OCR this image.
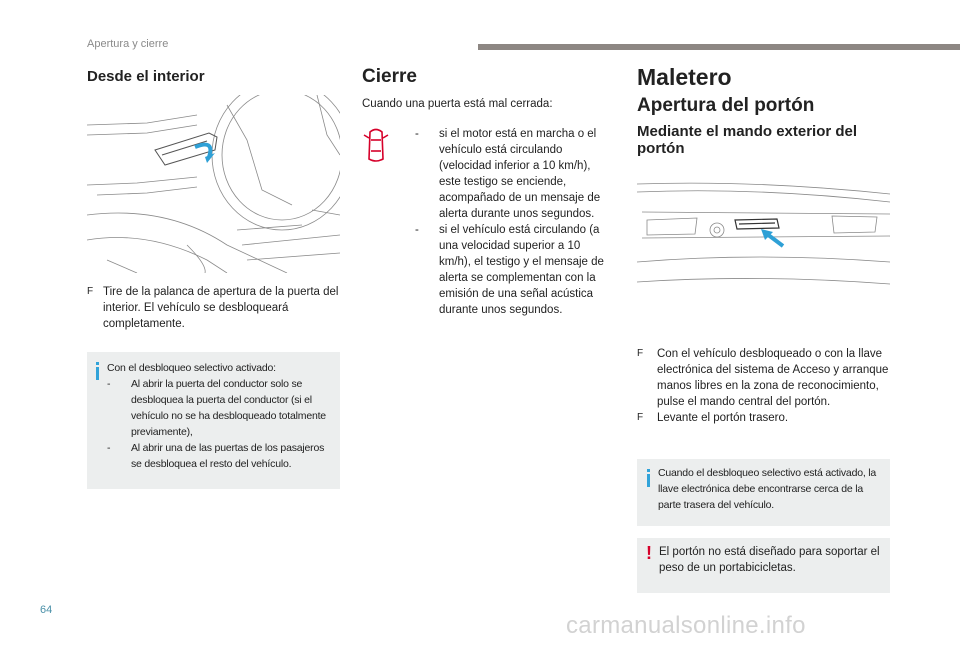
Apertura y cierre
Desde el interior
F Tire de la palanca de apertura de la puerta del interior. El vehículo se desbloqueará completamente.
Con el desbloqueo selectivo activado:
- Al abrir la puerta del conductor solo se desbloquea la puerta del conductor (si el vehículo no se ha desbloqueado totalmente previamente),
- Al abrir una de las puertas de los pasajeros se desbloquea el resto del vehículo.
Cierre
Cuando una puerta está mal cerrada:
- si el motor está en marcha o el vehículo está circulando (velocidad inferior a 10 km/h), este testigo se enciende, acompañado de un mensaje de alerta durante unos segundos.
- si el vehículo está circulando (a una velocidad superior a 10 km/h), el testigo y el mensaje de alerta se complementan con la emisión de una señal acústica durante unos segundos.
Maletero
Apertura del portón
Mediante el mando exterior del portón
F Con el vehículo desbloqueado o con la llave electrónica del sistema de Acceso y arranque manos libres en la zona de reconocimiento, pulse el mando central del portón.
F Levante el portón trasero.
Cuando el desbloqueo selectivo está activado, la llave electrónica debe encontrarse cerca de la parte trasera del vehículo.
! El portón no está diseñado para soportar el peso de un portabicicletas.
64
carmanualsonline.info
